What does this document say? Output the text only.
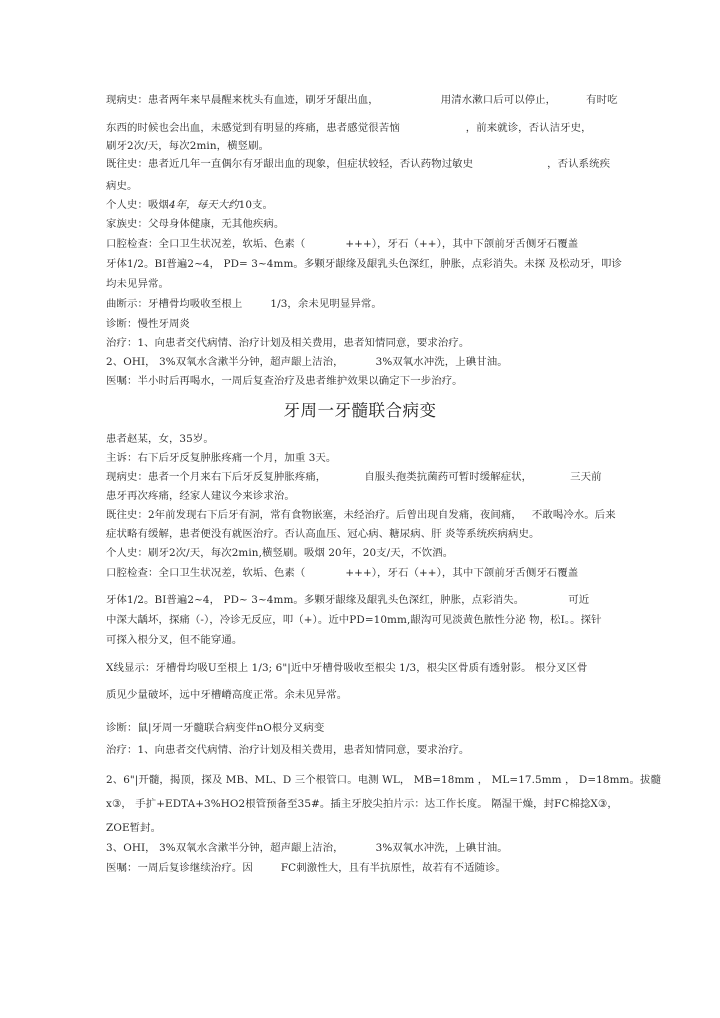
现病史：患者两年来早晨醒来枕头有血迹，刷牙牙龈出血，	用清水漱口后可以停止，	有时吃
东西的时候也会出血，未感觉到有明显的疼痛，患者感觉很苦恼	，前来就诊，否认洁牙史，
刷牙2次/天，每次2min，横竖刷。
既往史：患者近几年一直偶尔有牙龈出血的现象，但症状较轻，否认药物过敏史	，否认系统疾
病史。
个人史：吸烟4年，每天大约10支。
家族史：父母身体健康，无其他疾病。
口腔检查：全口卫生状况差，软垢、色素（	+++），牙石（++），其中下颌前牙舌侧牙石覆盖
牙体1/2。BI普遍2~4， PD= 3~4mm。多颗牙龈缘及龈乳头色深红，肿胀，点彩消失。未探 及松动牙，叩诊
均未见异常。
曲断示：牙槽骨均吸收至根上	1/3，余未见明显异常。
诊断：慢性牙周炎
治疗：1、向患者交代病情、治疗计划及相关费用，患者知情同意，要求治疗。
2、OHI， 3%双氧水含漱半分钟，超声龈上洁治，	3%双氧水冲洗，上碘甘油。
医嘱：半小时后再喝水，一周后复查治疗及患者维护效果以确定下一步治疗。
牙周一牙髓联合病变
患者赵某，女，35岁。
主诉：右下后牙反复肿胀疼痛一个月，加重 3天。
现病史：患者一个月来右下后牙反复肿胀疼痛，	自服头孢类抗菌药可暂时缓解症状，	三天前
患牙再次疼痛，经家人建议今来诊求治。
既往史：2年前发现右下后牙有洞，常有食物嵌塞，未经治疗。后曾出现自发痛，夜间痛， 不敢喝冷水。后来
症状略有缓解，患者便没有就医治疗。否认高血压、冠心病、糖尿病、肝 炎等系统疾病病史。
个人史：刷牙2次/天，每次2min,横竖刷。吸烟 20年，20支/天，不饮酒。
口腔检查：全口卫生状况差，软垢、色素（	+++），牙石（++），其中下颌前牙舌侧牙石覆盖
牙体1/2。BI普遍2~4， PD~ 3~4mm。多颗牙龈缘及龈乳头色深红，肿胀，点彩消失。	可近
中深大龋坏，探痛（-），冷诊无反应，叩（+）。近中PD=10mm,龈沟可见淡黄色脓性分泌 物，松I。。探针
可探入根分叉，但不能穿通。
X线显示：牙槽骨均吸U至根上 1/3; 6"|近中牙槽骨吸收至根尖 1/3，根尖区骨质有透射影。 根分叉区骨
质见少量破坏，远中牙槽嵴高度正常。余未见异常。
诊断：鼠|牙周一牙髓联合病变伴nO根分叉病变
治疗：1、向患者交代病情、治疗计划及相关费用，患者知情同意，要求治疗。
2、6"|开髓，揭顶，探及 MB、ML、D 三个根管口。电测 WL， MB=18mm ， ML=17.5mm ， D=18mm。拔髓
x③， 手扩+EDTA+3%HO2根管预备至35#。插主牙胶尖拍片示：达工作长度。 隔湿干燥，封FC棉捻X③，
ZOE暂封。
3、OHI， 3%双氧水含漱半分钟，超声龈上洁治，	3%双氧水冲洗，上碘甘油。
医嘱：一周后复诊继续治疗。因	FC刺激性大，且有半抗原性，故若有不适随诊。
